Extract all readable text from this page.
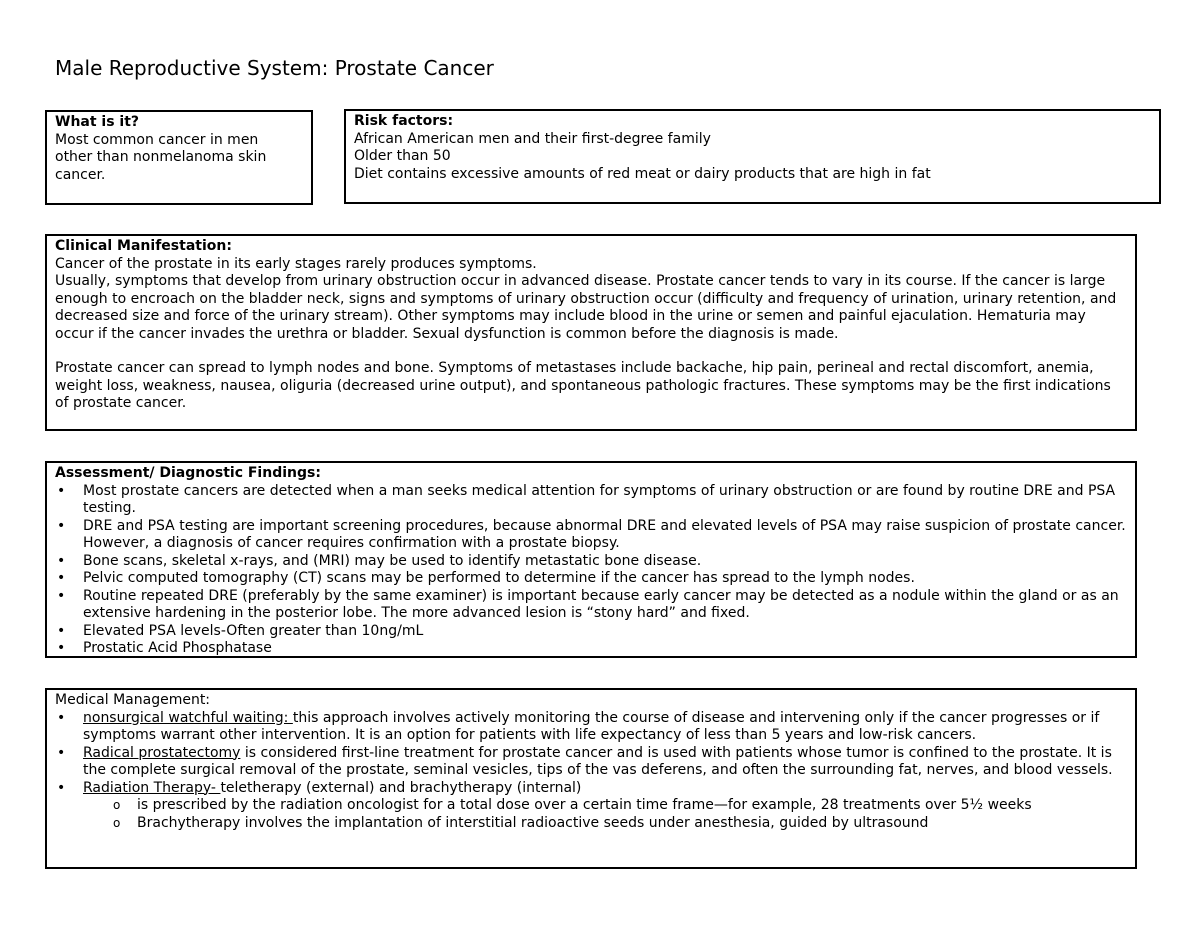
Male Reproductive System: Prostate Cancer
What is it?
Most common cancer in men
other than nonmelanoma skin
cancer.
Risk factors:
African American men and their first-degree family
Older than 50
Diet contains excessive amounts of red meat or dairy products that are high in fat
Clinical Manifestation:
Cancer of the prostate in its early stages rarely produces symptoms.
Usually, symptoms that develop from urinary obstruction occur in advanced disease. Prostate cancer tends to vary in its course. If the cancer is large enough to encroach on the bladder neck, signs and symptoms of urinary obstruction occur (difficulty and frequency of urination, urinary retention, and decreased size and force of the urinary stream). Other symptoms may include blood in the urine or semen and painful ejaculation. Hematuria may occur if the cancer invades the urethra or bladder. Sexual dysfunction is common before the diagnosis is made.
Prostate cancer can spread to lymph nodes and bone. Symptoms of metastases include backache, hip pain, perineal and rectal discomfort, anemia, weight loss, weakness, nausea, oliguria (decreased urine output), and spontaneous pathologic fractures. These symptoms may be the first indications of prostate cancer.
Assessment/ Diagnostic Findings:
• Most prostate cancers are detected when a man seeks medical attention for symptoms of urinary obstruction or are found by routine DRE and PSA testing.
• DRE and PSA testing are important screening procedures, because abnormal DRE and elevated levels of PSA may raise suspicion of prostate cancer. However, a diagnosis of cancer requires confirmation with a prostate biopsy.
• Bone scans, skeletal x-rays, and (MRI) may be used to identify metastatic bone disease.
• Pelvic computed tomography (CT) scans may be performed to determine if the cancer has spread to the lymph nodes.
• Routine repeated DRE (preferably by the same examiner) is important because early cancer may be detected as a nodule within the gland or as an extensive hardening in the posterior lobe. The more advanced lesion is “stony hard” and fixed.
• Elevated PSA levels-Often greater than 10ng/mL
• Prostatic Acid Phosphatase
Medical Management:
• nonsurgical watchful waiting: this approach involves actively monitoring the course of disease and intervening only if the cancer progresses or if symptoms warrant other intervention. It is an option for patients with life expectancy of less than 5 years and low-risk cancers.
• Radical prostatectomy is considered first-line treatment for prostate cancer and is used with patients whose tumor is confined to the prostate. It is the complete surgical removal of the prostate, seminal vesicles, tips of the vas deferens, and often the surrounding fat, nerves, and blood vessels.
• Radiation Therapy- teletherapy (external) and brachytherapy (internal)
o is prescribed by the radiation oncologist for a total dose over a certain time frame—for example, 28 treatments over 5½ weeks
o Brachytherapy involves the implantation of interstitial radioactive seeds under anesthesia, guided by ultrasound
